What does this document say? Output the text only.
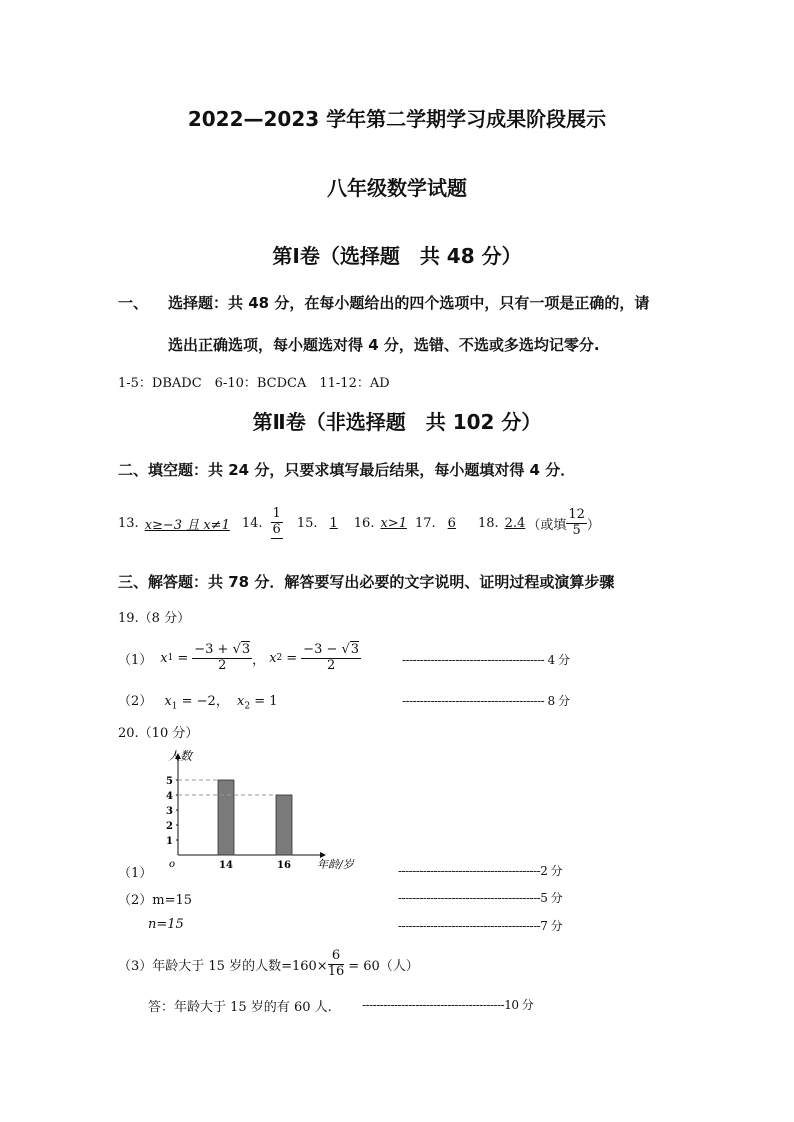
2022—2023 学年第二学期学习成果阶段展示
八年级数学试题
第Ⅰ卷（选择题　共 48 分）
一、 选择题：共 48 分，在每小题给出的四个选项中，只有一项是正确的，请
选出正确选项，每小题选对得 4 分，选错、不选或多选均记零分.
1-5：DBADC　6-10：BCDCA　11-12：AD
第Ⅱ卷（非选择题　共 102 分）
二、填空题：共 24 分，只要求填写最后结果，每小题填对得 4 分．
13. x≥−3 且 x≠1 14. $\frac{1}{6} 15$. 1	16. x>1 17. 6	18. 2.4 （或填 $\frac{12}{5}$ ）
三、解答题：共 78 分．解答要写出必要的文字说明、证明过程或演算步骤
19.（8 分）
（1） x $1 = \frac{-3 + √3}{2}$ ， x $2 = \frac{-3 - √3}{2}$	---------------------------------------- 4 分
（2） $x_1 = -2$， $x_2 = 1$	---------------------------------------- 8 分
20.（10 分）
人数
年龄/岁
o
1
2
3
4
5
14	16
（1）	----------------------------------------2 分
（2）m=15	----------------------------------------5 分
n=15	----------------------------------------7 分
（3）年龄大于 15 岁的人数$=160\times \frac{6}{16} = 60$（人）
答：年龄大于 15 岁的有 60 人.	----------------------------------------10 分
